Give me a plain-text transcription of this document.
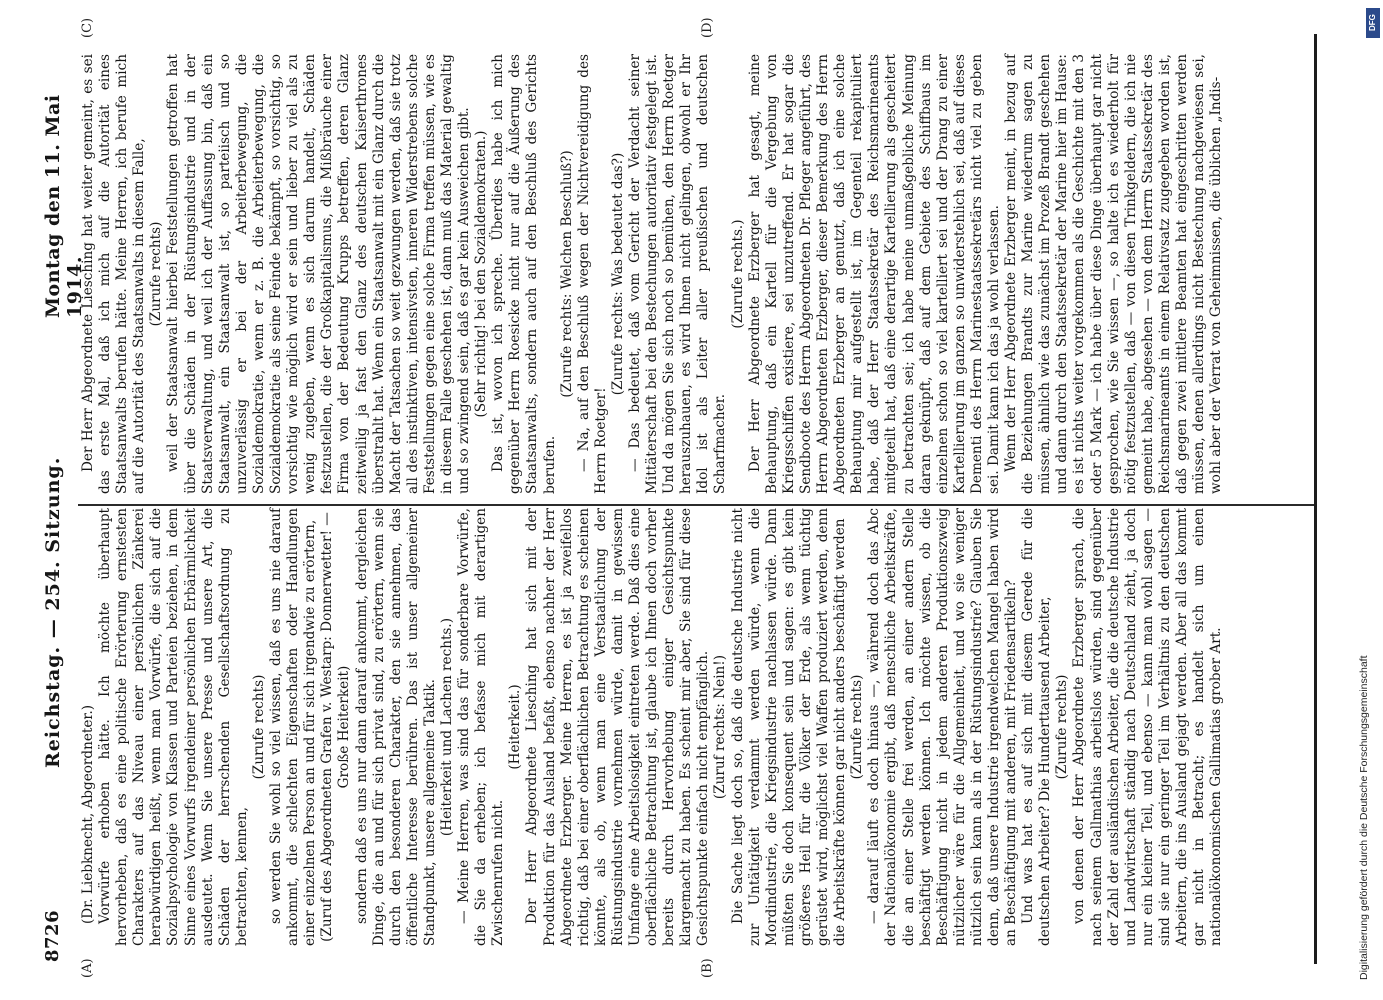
8726
Reichstag. — 254. Sitzung.
Montag den 11. Mai 1914.
(A)	(B)
(C)	(D)

(Dr. Liebknecht, Abgeordneter.) Vorwürfe erhoben hätte. Ich möchte überhaupt hervorheben, daß es eine politische Erörterung ernstesten Charakters auf das Niveau einer persönlichen Zänkerei herabwürdigen heißt, wenn man Vorwürfe, die sich auf die Sozialpsychologie von Klassen und Parteien beziehen, in dem Sinne eines Vorwurfs irgendeiner persönlichen Erbärmlichkeit ausdeutet. Wenn Sie unsere Presse und unsere Art, die Schäden der herrschenden Gesellschaftsordnung zu betrachten, kennen,

(Zurufe rechts) so werden Sie wohl so viel wissen, daß es uns nie darauf ankommt, die schlechten Eigenschaften oder Handlungen einer einzelnen Person an und für sich irgendwie zu erörtern, (Zuruf des Abgeordneten Grafen v. Westarp: Donnerwetter! — Große Heiterkeit) sondern daß es uns nur dann darauf ankommt, dergleichen Dinge, die an und für sich privat sind, zu erörtern, wenn sie durch den besonderen Charakter, den sie annehmen, das öffentliche Interesse berühren. Das ist unser allgemeiner Standpunkt, unsere allgemeine Taktik. (Heiterkeit und Lachen rechts.) — Meine Herren, was sind das für sonderbare Vorwürfe, die Sie da erheben; ich befasse mich mit derartigen Zwischenrufen nicht.

(Heiterkeit.) Der Herr Abgeordnete Liesching hat sich mit der Produktion für das Ausland befaßt, ebenso nachher der Herr Abgeordnete Erzberger. Meine Herren, es ist ja zweifellos richtig, daß bei einer oberflächlichen Betrachtung es scheinen könnte, als ob, wenn man eine Verstaatlichung der Rüstungsindustrie vornehmen würde, damit in gewissem Umfange eine Arbeitslosigkeit eintreten werde. Daß dies eine oberflächliche Betrachtung ist, glaube ich Ihnen doch vorher bereits durch Hervorhebung einiger Gesichtspunkte klargemacht zu haben. Es scheint mir aber, Sie sind für diese Gesichtspunkte einfach nicht empfänglich. (Zuruf rechts: Nein!) Die Sache liegt doch so, daß die deutsche Industrie nicht zur Untätigkeit verdammt werden würde, wenn die Mordindustrie, die Kriegsindustrie nachlassen würde. Dann müßten Sie doch konsequent sein und sagen: es gibt kein größeres Heil für die Völker der Erde, als wenn tüchtig gerüstet wird, möglichst viel Waffen produziert werden, denn die Arbeitskräfte können gar nicht anders beschäftigt werden (Zurufe rechts) — darauf läuft es doch hinaus —, während doch das Abc der Nationalökonomie ergibt, daß menschliche Arbeitskräfte, die an einer Stelle frei werden, an einer andern Stelle beschäftigt werden können. Ich möchte wissen, ob die Beschäftigung nicht in jedem anderen Produktionszweig nützlicher wäre für die Allgemeinheit, und wo sie weniger nützlich sein kann als in der Rüstungsindustrie? Glauben Sie denn, daß unsere Industrie irgendwelchen Mangel haben wird an Beschäftigung mit anderen, mit Friedensartikeln? Und was hat es auf sich mit diesem Gerede für die deutschen Arbeiter? Die Hunderttausend Arbeiter, (Zurufe rechts) von denen der Herr Abgeordnete Erzberger sprach, die nach seinem Gallmathias arbeitslos würden, sind gegenüber der Zahl der ausländischen Arbeiter, die die deutsche Industrie und Landwirtschaft ständig nach Deutschland zieht, ja doch nur ein kleiner Teil, und ebenso — kann man wohl sagen — sind sie nur ein geringer Teil im Verhältnis zu den deutschen Arbeitern, die ins Ausland gejagt werden. Aber all das kommt gar nicht in Betracht; es handelt sich um einen nationalökonomischen Gallimatias grober Art.

Der Herr Abgeordnete Liesching hat weiter gemeint, es sei das erste Mal, daß ich mich auf die Autorität eines Staatsanwalts berufen hätte. Meine Herren, ich berufe mich auf die Autorität des Staatsanwalts in diesem Falle, (Zurufe rechts) weil der Staatsanwalt hierbei Feststellungen getroffen hat über die Schäden in der Rüstungsindustrie und in der Staatsverwaltung, und weil ich der Auffassung bin, daß ein Staatsanwalt, ein Staatsanwalt ist, so parteiisch und so unzuverlässig er bei der Arbeiterbewegung, die Sozialdemokratie, wenn er z. B. die Arbeiterbewegung, die Sozialdemokratie als seine Feinde bekämpft, so vorsichtig, so vorsichtig wie möglich wird er sein und lieber zu viel als zu wenig zugeben, wenn es sich darum handelt, Schäden festzustellen, die der Großkapitalismus, die Mißbräuche einer Firma von der Bedeutung Krupps betreffen, deren Glanz zeitweilig ja fast den Glanz des deutschen Kaiserthrones überstrahlt hat. Wenn ein Staatsanwalt mit ein Glanz durch die Macht der Tatsachen so weit gezwungen werden, daß sie trotz all des instinktiven, intensivsten, inneren Widerstrebens solche Feststellungen gegen eine solche Firma treffen müssen, wie es in diesem Falle geschehen ist, dann muß das Material gewaltig und so zwingend sein, daß es gar kein Ausweichen gibt. (Sehr richtig! bei den Sozialdemokraten.) Das ist, wovon ich spreche. Überdies habe ich mich gegenüber Herrn Roesicke nicht nur auf die Äußerung des Staatsanwalts, sondern auch auf den Beschluß des Gerichts berufen.

(Zurufe rechts: Welchen Beschluß?) — Na, auf den Beschluß wegen der Nichtvereidigung des Herrn Roetger!

(Zurufe rechts: Was bedeutet das?) — Das bedeutet, daß vom Gericht der Verdacht seiner Mittäterschaft bei den Bestechungen autoritativ festgelegt ist. Und da mögen Sie sich noch so bemühen, den Herrn Roetger herauszuhauen, es wird Ihnen nicht gelingen, obwohl er Ihr Idol ist als Leiter aller preußischen und deutschen Scharfmacher.

(Zurufe rechts.) Der Herr Abgeordnete Erzberger hat gesagt, meine Behauptung, daß ein Kartell für die Vergebung von Kriegsschiffen existiere, sei unzutreffend. Er hat sogar die Sendboote des Herrn Abgeordneten Dr. Pfleger angeführt, des Herrn Abgeordneten Erzberger, dieser Bemerkung des Herrn Abgeordneten Erzberger an genutzt, daß ich eine solche Behauptung mir aufgestellt ist, im Gegenteil rekapituliert habe, daß der Herr Staatssekretär des Reichsmarineamts mitgeteilt hat, daß eine derartige Kartellierung als gescheitert zu betrachten sei; ich habe meine unmaßgebliche Meinung daran geknüpft, daß auf dem Gebiete des Schiffbaus im einzelnen schon so viel kartelliert sei und der Drang zu einer Kartellierung im ganzen so unwiderstehlich sei, daß auf dieses Dementi des Herrn Marinestaatssekretärs nicht viel zu geben sei. Damit kann ich das ja wohl verlassen. Wenn der Herr Abgeordnete Erzberger meint, in bezug auf die Beziehungen Brandts zur Marine wiederum sagen zu müssen, ähnlich wie das zunächst im Prozeß Brandt geschehen und dann durch den Staatssekretär der Marine hier im Hause: es ist nichts weiter vorgekommen als die Geschichte mit den 3 oder 5 Mark — ich habe über diese Dinge überhaupt gar nicht gesprochen, wie Sie wissen —, so halte ich es wiederholt für nötig festzustellen, daß — von diesen Trinkgeldern, die ich nie gemeint habe, abgesehen — von dem Herrn Staatssekretär des Reichsmarineamts in einem Relativsatz zugegeben worden ist, daß gegen zwei mittlere Beamten hat eingeschritten werden müssen, denen allerdings nicht Bestechung nachgewiesen sei, wohl aber der Verrat von Geheimnissen, die üblichen „Indis-

DFG
Digitalisierung gefördert durch die Deutsche Forschungsgemeinschaft
